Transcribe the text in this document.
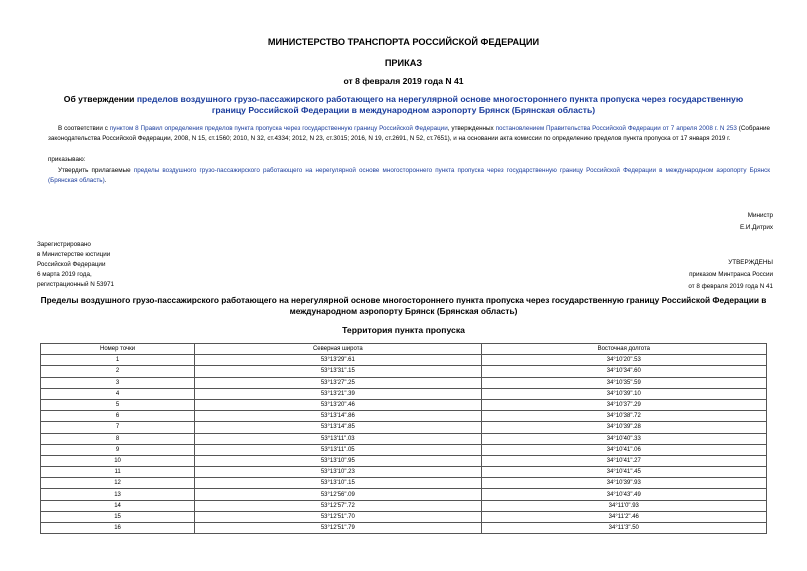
МИНИСТЕРСТВО ТРАНСПОРТА РОССИЙСКОЙ ФЕДЕРАЦИИ
ПРИКАЗ
от 8 февраля 2019 года N 41
Об утверждении пределов воздушного грузо-пассажирского работающего на нерегулярной основе многостороннего пункта пропуска через государственную границу Российской Федерации в международном аэропорту Брянск (Брянская область)
В соответствии с пунктом 8 Правил определения пределов пункта пропуска через государственную границу Российской Федерации, утвержденных постановлением Правительства Российской Федерации от 7 апреля 2008 г. N 253 (Собрание законодательства Российской Федерации, 2008, N 15, ст.1560; 2010, N 32, ст.4334; 2012, N 23, ст.3015; 2016, N 19, ст.2691, N 52, ст.7651), и на основании акта комиссии по определению пределов пункта пропуска от 17 января 2019 г.
приказываю:
Утвердить прилагаемые пределы воздушного грузо-пассажирского работающего на нерегулярной основе многостороннего пункта пропуска через государственную границу Российской Федерации в международном аэропорту Брянск (Брянская область).
Министр
Е.И.Дитрих
Зарегистрировано
в Министерстве юстиции
Российской Федерации
6 марта 2019 года,
регистрационный N 53971
УТВЕРЖДЕНЫ
приказом Минтранса России
от 8 февраля 2019 года N 41
Пределы воздушного грузо-пассажирского работающего на нерегулярной основе многостороннего пункта пропуска через государственную границу Российской Федерации в международном аэропорту Брянск (Брянская область)
Территория пункта пропуска
Номер точки	Северная широта	Восточная долгота
1	53°13'29".61	34°10'20".53
2	53°13'31".15	34°10'34".60
3	53°13'27".25	34°10'35".59
4	53°13'21".39	34°10'39".10
5	53°13'20".46	34°10'37".29
6	53°13'14".86	34°10'38".72
7	53°13'14".85	34°10'39".28
8	53°13'11".03	34°10'40".33
9	53°13'11".05	34°10'41".06
10	53°13'10".95	34°10'41".27
11	53°13'10".23	34°10'41".45
12	53°13'10".15	34°10'39".93
13	53°12'56".09	34°10'43".49
14	53°12'57".72	34°11'0".93
15	53°12'51".70	34°11'2".46
16	53°12'51".79	34°11'3".50
